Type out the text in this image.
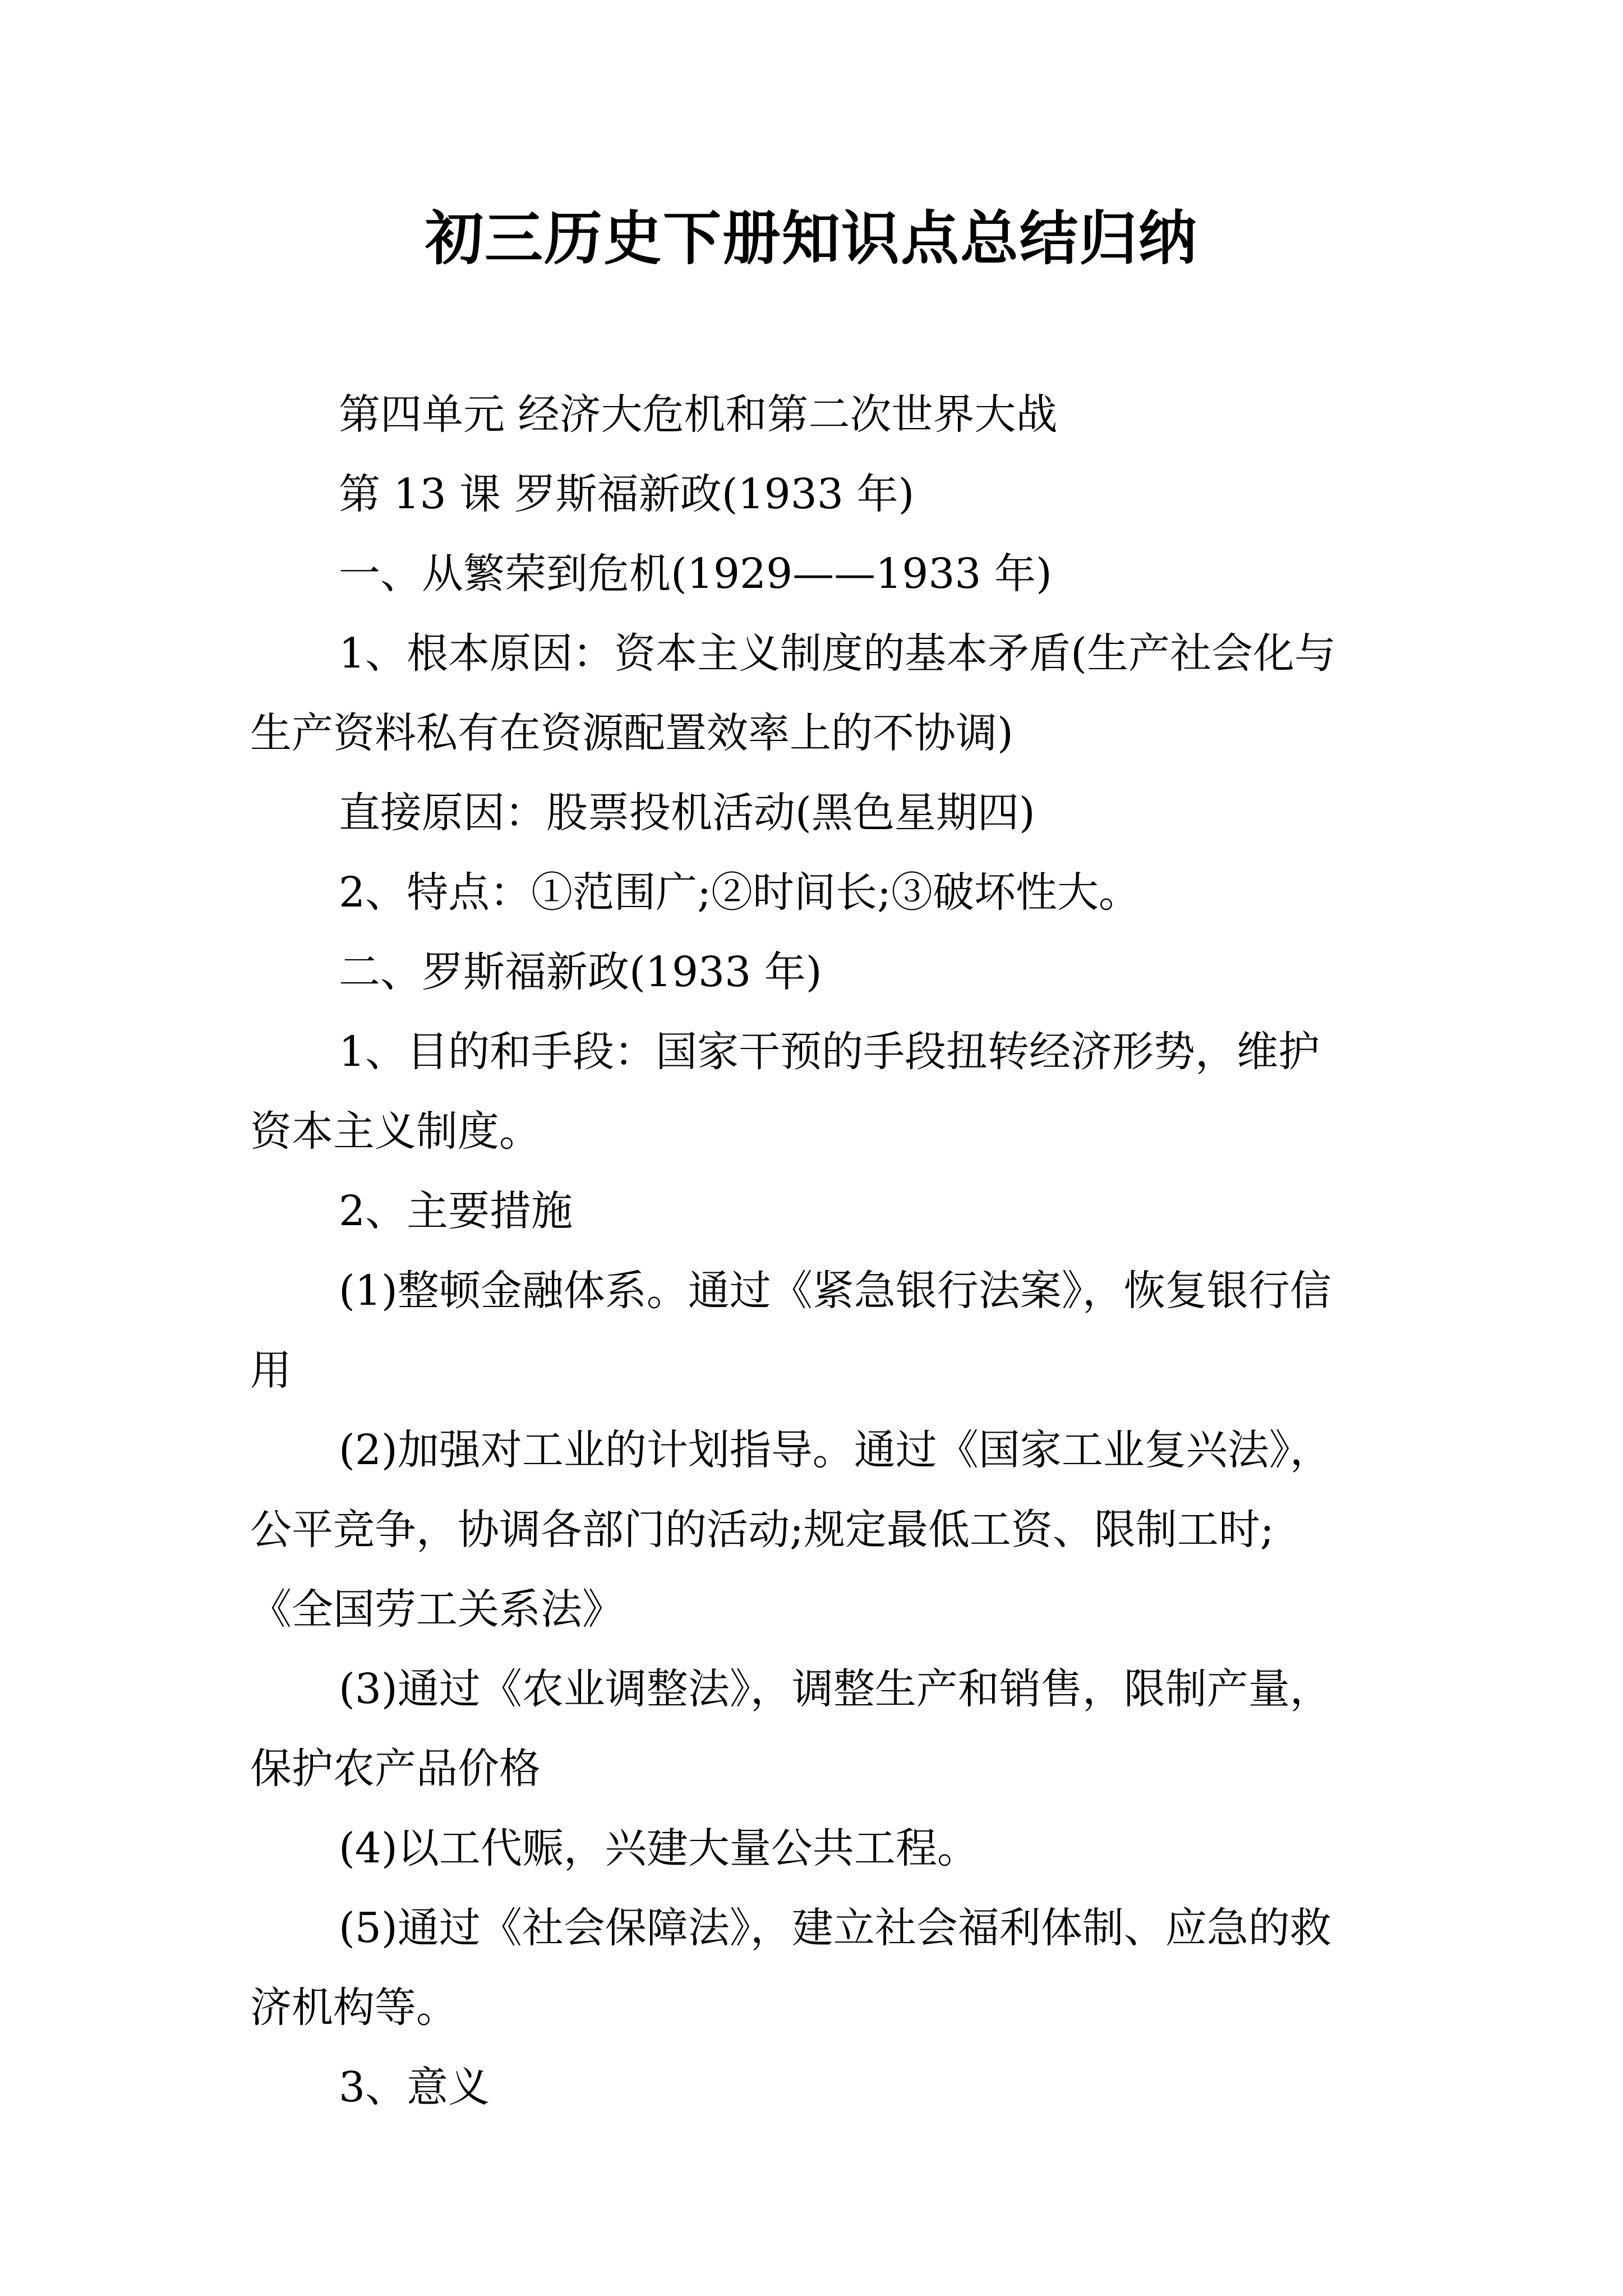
初三历史下册知识点总结归纳
第四单元 经济大危机和第二次世界大战
第 13 课 罗斯福新政(1933 年)
一、从繁荣到危机(1929——1933 年)
1、根本原因：资本主义制度的基本矛盾(生产社会化与
生产资料私有在资源配置效率上的不协调)
直接原因：股票投机活动(黑色星期四)
2、特点：①范围广;②时间长;③破坏性大。
二、罗斯福新政(1933 年)
1、目的和手段：国家干预的手段扭转经济形势，维护
资本主义制度。
2、主要措施
(1)整顿金融体系。通过《紧急银行法案》，恢复银行信
用
(2)加强对工业的计划指导。通过《国家工业复兴法》，
公平竞争，协调各部门的活动;规定最低工资、限制工时;
《全国劳工关系法》
(3)通过《农业调整法》，调整生产和销售，限制产量，
保护农产品价格
(4)以工代赈，兴建大量公共工程。
(5)通过《社会保障法》，建立社会福利体制、应急的救
济机构等。
3、意义
